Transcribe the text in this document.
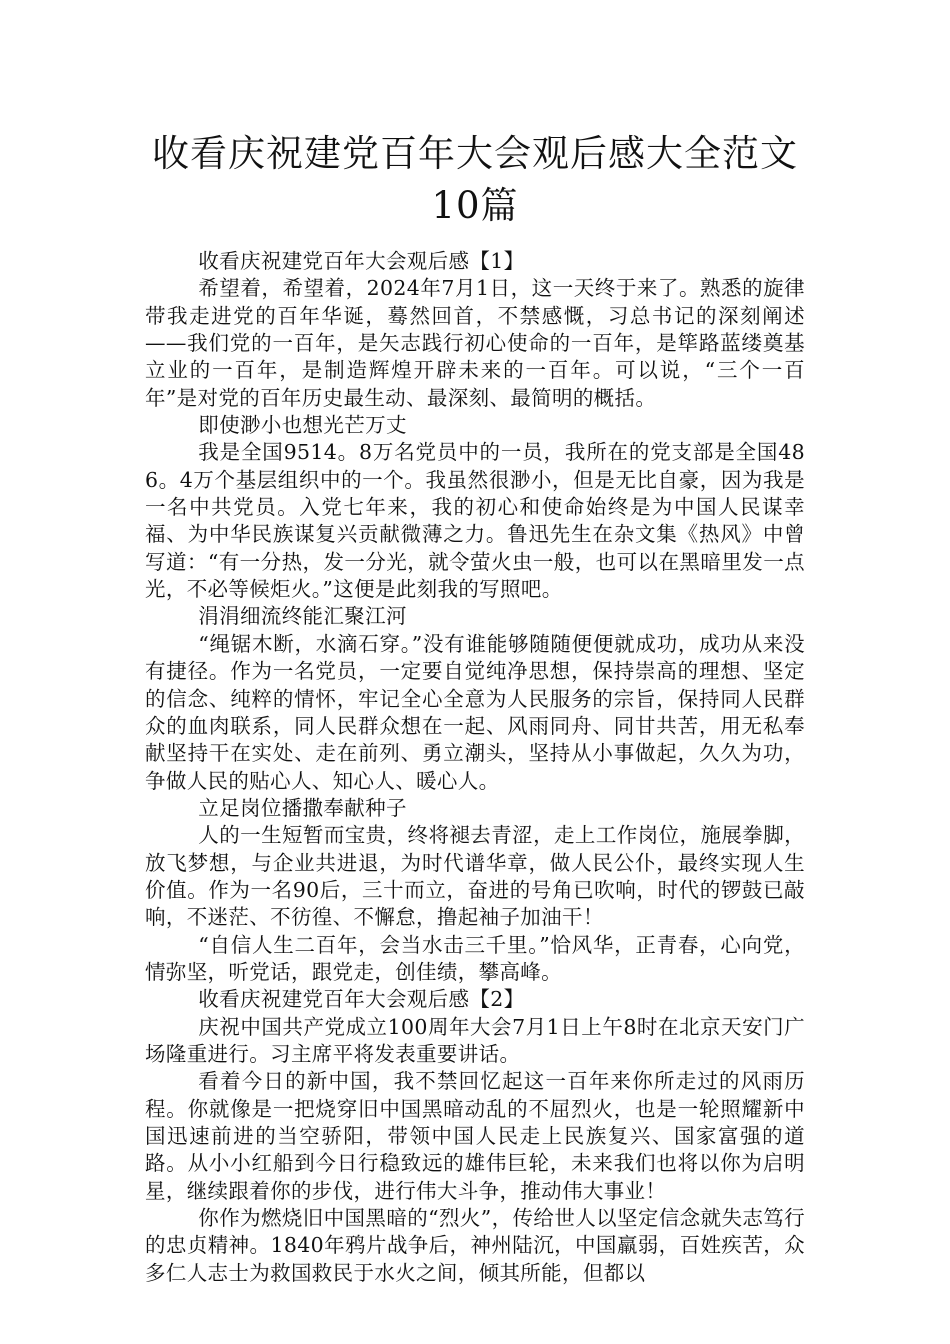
收看庆祝建党百年大会观后感大全范文10篇

收看庆祝建党百年大会观后感【1】

希望着，希望着，2024年7月1日，这一天终于来了。熟悉的旋律带我走进党的百年华诞，蓦然回首，不禁感慨，习总书记的深刻阐述——我们党的一百年，是矢志践行初心使命的一百年，是筚路蓝缕奠基立业的一百年，是制造辉煌开辟未来的一百年。可以说，“三个一百年”是对党的百年历史最生动、最深刻、最简明的概括。

即使渺小也想光芒万丈

我是全国9514。8万名党员中的一员，我所在的党支部是全国486。4万个基层组织中的一个。我虽然很渺小，但是无比自豪，因为我是一名中共党员。入党七年来，我的初心和使命始终是为中国人民谋幸福、为中华民族谋复兴贡献微薄之力。鲁迅先生在杂文集《热风》中曾写道：“有一分热，发一分光，就令萤火虫一般，也可以在黑暗里发一点光，不必等候炬火。”这便是此刻我的写照吧。

涓涓细流终能汇聚江河

“绳锯木断，水滴石穿。”没有谁能够随随便便就成功，成功从来没有捷径。作为一名党员，一定要自觉纯净思想，保持崇高的理想、坚定的信念、纯粹的情怀，牢记全心全意为人民服务的宗旨，保持同人民群众的血肉联系，同人民群众想在一起、风雨同舟、同甘共苦，用无私奉献坚持干在实处、走在前列、勇立潮头，坚持从小事做起，久久为功，争做人民的贴心人、知心人、暖心人。

立足岗位播撒奉献种子

人的一生短暂而宝贵，终将褪去青涩，走上工作岗位，施展拳脚，放飞梦想，与企业共进退，为时代谱华章，做人民公仆，最终实现人生价值。作为一名90后，三十而立，奋进的号角已吹响，时代的锣鼓已敲响，不迷茫、不彷徨、不懈怠，撸起袖子加油干！

“自信人生二百年，会当水击三千里。”恰风华，正青春，心向党，情弥坚，听党话，跟党走，创佳绩，攀高峰。

收看庆祝建党百年大会观后感【2】

庆祝中国共产党成立100周年大会7月1日上午8时在北京天安门广场隆重进行。习主席平将发表重要讲话。

看着今日的新中国，我不禁回忆起这一百年来你所走过的风雨历程。你就像是一把烧穿旧中国黑暗动乱的不屈烈火，也是一轮照耀新中国迅速前进的当空骄阳，带领中国人民走上民族复兴、国家富强的道路。从小小红船到今日行稳致远的雄伟巨轮，未来我们也将以你为启明星，继续跟着你的步伐，进行伟大斗争，推动伟大事业！

你作为燃烧旧中国黑暗的“烈火”，传给世人以坚定信念就失志笃行的忠贞精神。1840年鸦片战争后，神州陆沉，中国羸弱，百姓疾苦，众多仁人志士为救国救民于水火之间，倾其所能，但都以
